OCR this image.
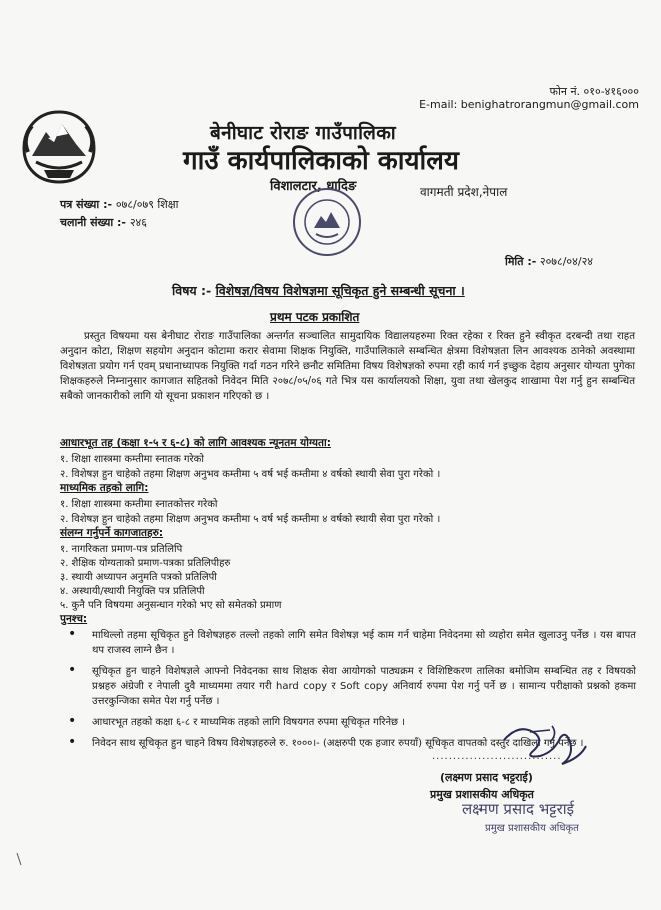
फोन नं. ०१०-४१६०००
E-mail: benighatrorangmun@gmail.com
बेनीघाट रोराङ गाउँपालिका
गाउँ कार्यपालिकाको कार्यालय
विशालटार, धादिङ	वागमती प्रदेश,नेपाल
पत्र संख्या :- ०७८/०७९ शिक्षा
चलानी संख्या :- २४६
मिति :- २०७८/०४/२४
विषय :- विशेषज्ञ/विषय विशेषज्ञमा सूचिकृत हुने सम्बन्धी सूचना ।
प्रथम पटक प्रकाशित

प्रस्तुत विषयमा यस बेनीघाट रोराङ गाउँपालिका अन्तर्गत सञ्चालित सामुदायिक विद्यालयहरुमा रिक्त रहेका र रिक्त हुने स्वीकृत दरबन्दी तथा राहत अनुदान कोटा, शिक्षण सहयोग अनुदान कोटामा करार सेवामा शिक्षक नियुक्ति, गाउँपालिकाले सम्बन्धित क्षेत्रमा विशेषज्ञता लिन आवश्यक ठानेको अवस्थामा विशेषज्ञता प्रयोग गर्न एवम् प्रधानाध्यापक नियुक्ति गर्दा गठन गरिने छनौट समितिमा विषय विशेषज्ञको रुपमा रही कार्य गर्न इच्छुक देहाय अनुसार योग्यता पुगेका शिक्षकहरुले निम्नानुसार कागजात सहितको निवेदन मिति २०७८/०५/०६ गते भित्र यस कार्यालयको शिक्षा, युवा तथा खेलकुद शाखामा पेश गर्नु हुन सम्बन्धित सबैको जानकारीको लागि यो सूचना प्रकाशन गरिएको छ ।

आधारभूत तह (कक्षा १-५ र ६-८) को लागि आवश्यक न्यूनतम योग्यता:
१. शिक्षा शास्त्रमा कम्तीमा स्नातक गरेको
२. विशेषज्ञ हुन चाहेको तहमा शिक्षण अनुभव कम्तीमा ५ वर्ष भई कम्तीमा ४ वर्षको स्थायी सेवा पुरा गरेको ।
माध्यमिक तहको लागि:
१. शिक्षा शास्त्रमा कम्तीमा स्नातकोत्तर गरेको
२. विशेषज्ञ हुन चाहेको तहमा शिक्षण अनुभव कम्तीमा ५ वर्ष भई कम्तीमा ४ वर्षको स्थायी सेवा पुरा गरेको ।
संलग्न गर्नुपर्ने कागजातहरु:
१. नागरिकता प्रमाण-पत्र प्रतिलिपि
२. शैक्षिक योग्यताको प्रमाण-पत्रका प्रतिलिपीहरु
३. स्थायी अध्यापन अनुमति पत्रको प्रतिलिपी
४. अस्थायी/स्थायी नियुक्ति पत्र प्रतिलिपी
५. कुनै पनि विषयमा अनुसन्धान गरेको भए सो समेतको प्रमाण
पुनश्च:
• माथिल्लो तहमा सूचिकृत हुने विशेषज्ञहरु तल्लो तहको लागि समेत विशेषज्ञ भई काम गर्न चाहेमा निवेदनमा सो व्यहोरा समेत खुलाउनु पर्नेछ । यस बापत थप राजस्व लाग्ने छैन ।
• सूचिकृत हुन चाहने विशेषज्ञले आफ्नो निवेदनका साथ शिक्षक सेवा आयोगको पाठ्यक्रम र विशिष्टिकरण तालिका बमोजिम सम्बन्धित तह र विषयको प्रश्नहरु अंग्रेजी र नेपाली दुवै माध्यममा तयार गरी hard copy र Soft copy अनिवार्य रुपमा पेश गर्नु पर्ने छ । सामान्य परीक्षाको प्रश्नको हकमा उत्तरकुन्जिका समेत पेश गर्नु पर्नेछ ।
• आधारभूत तहको कक्षा ६-८ र माध्यमिक तहको लागि विषयगत रुपमा सूचिकृत गरिनेछ ।
• निवेदन साथ सूचिकृत हुन चाहने विषय विशेषज्ञहरुले रु. १०००।- (अक्षरुपी एक हजार रुपयाँ) सूचिकृत वापतको दस्तुर दाखिला गर्नु पर्नेछ ।
...............................
(लक्ष्मण प्रसाद भट्टराई)
प्रमुख प्रशासकीय अधिकृत
लक्ष्मण प्रसाद भट्टराई
प्रमुख प्रशासकीय अधिकृत
